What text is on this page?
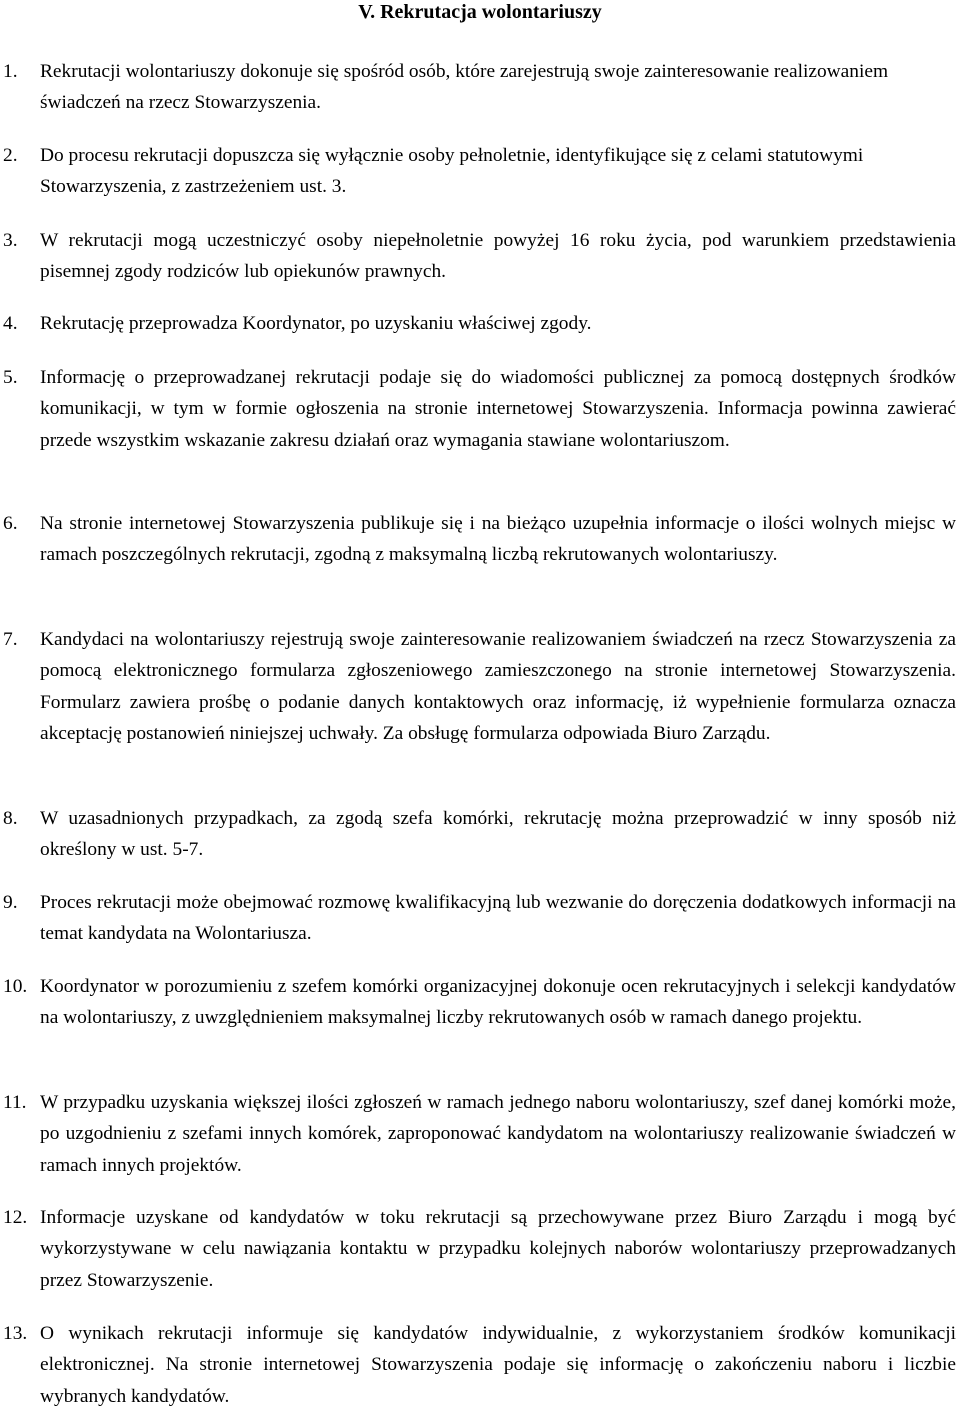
V. Rekrutacja wolontariuszy
1. Rekrutacji wolontariuszy dokonuje się spośród osób, które zarejestrują swoje zainteresowanie realizowaniem świadczeń na rzecz Stowarzyszenia.
2. Do procesu rekrutacji dopuszcza się wyłącznie osoby pełnoletnie, identyfikujące się z celami statutowymi Stowarzyszenia, z zastrzeżeniem ust. 3.
3. W rekrutacji mogą uczestniczyć osoby niepełnoletnie powyżej 16 roku życia, pod warunkiem przedstawienia pisemnej zgody rodziców lub opiekunów prawnych.
4. Rekrutację przeprowadza Koordynator, po uzyskaniu właściwej zgody.
5. Informację o przeprowadzanej rekrutacji podaje się do wiadomości publicznej za pomocą dostępnych środków komunikacji, w tym w formie ogłoszenia na stronie internetowej Stowarzyszenia. Informacja powinna zawierać przede wszystkim wskazanie zakresu działań oraz wymagania stawiane wolontariuszom.
6. Na stronie internetowej Stowarzyszenia publikuje się i na bieżąco uzupełnia informacje o ilości wolnych miejsc w ramach poszczególnych rekrutacji, zgodną z maksymalną liczbą rekrutowanych wolontariuszy.
7. Kandydaci na wolontariuszy rejestrują swoje zainteresowanie realizowaniem świadczeń na rzecz Stowarzyszenia za pomocą elektronicznego formularza zgłoszeniowego zamieszczonego na stronie internetowej Stowarzyszenia. Formularz zawiera prośbę o podanie danych kontaktowych oraz informację, iż wypełnienie formularza oznacza akceptację postanowień niniejszej uchwały. Za obsługę formularza odpowiada Biuro Zarządu.
8. W uzasadnionych przypadkach, za zgodą szefa komórki, rekrutację można przeprowadzić w inny sposób niż określony w ust. 5-7.
9. Proces rekrutacji może obejmować rozmowę kwalifikacyjną lub wezwanie do doręczenia dodatkowych informacji na temat kandydata na Wolontariusza.
10. Koordynator w porozumieniu z szefem komórki organizacyjnej dokonuje ocen rekrutacyjnych i selekcji kandydatów na wolontariuszy, z uwzględnieniem maksymalnej liczby rekrutowanych osób w ramach danego projektu.
11. W przypadku uzyskania większej ilości zgłoszeń w ramach jednego naboru wolontariuszy, szef danej komórki może, po uzgodnieniu z szefami innych komórek, zaproponować kandydatom na wolontariuszy realizowanie świadczeń w ramach innych projektów.
12. Informacje uzyskane od kandydatów w toku rekrutacji są przechowywane przez Biuro Zarządu i mogą być wykorzystywane w celu nawiązania kontaktu w przypadku kolejnych naborów wolontariuszy przeprowadzanych przez Stowarzyszenie.
13. O wynikach rekrutacji informuje się kandydatów indywidualnie, z wykorzystaniem środków komunikacji elektronicznej. Na stronie internetowej Stowarzyszenia podaje się informację o zakończeniu naboru i liczbie wybranych kandydatów.
